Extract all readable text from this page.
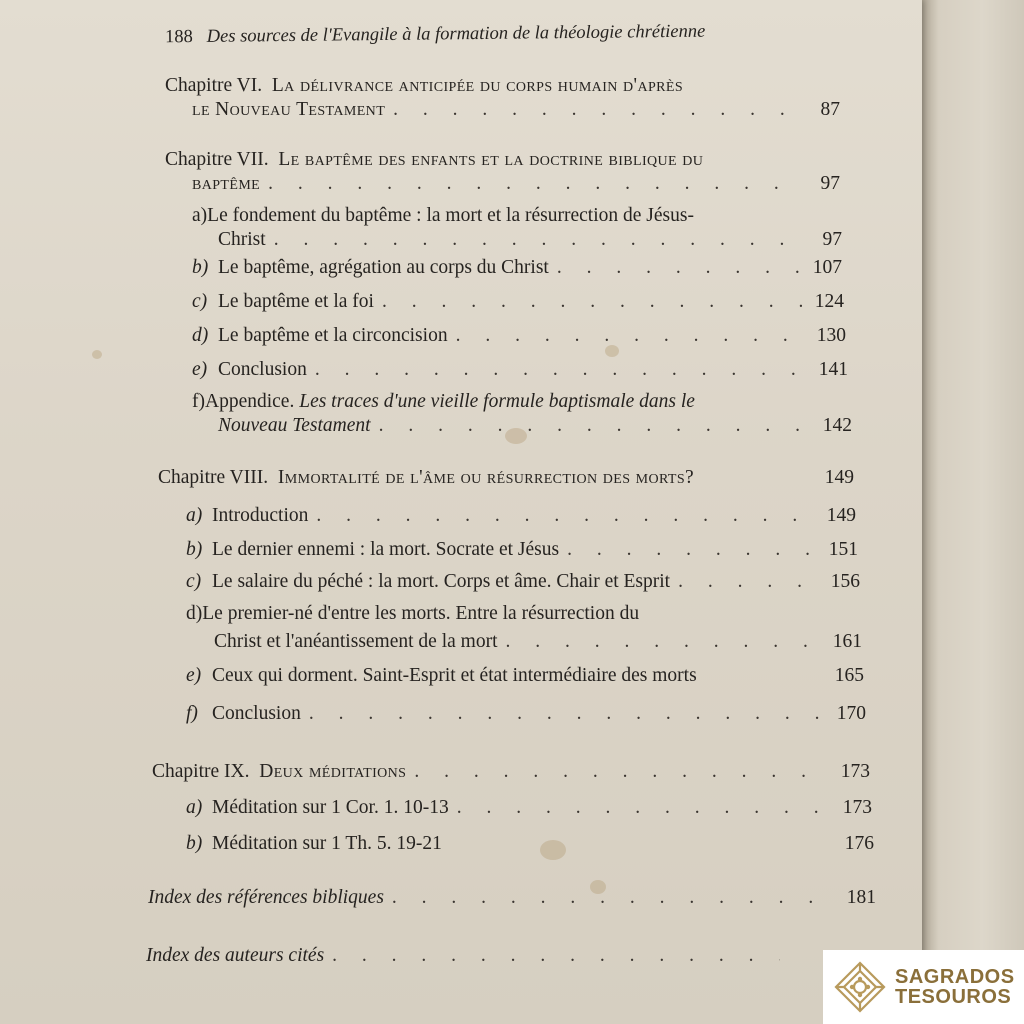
188 Des sources de l'Evangile à la formation de la théologie chrétienne
Chapitre VI. La délivrance anticipée du corps humain d'après
le Nouveau Testament . . .	87
Chapitre VII. Le baptême des enfants et la doctrine biblique du
baptême . . .	97
a)Le fondement du baptême : la mort et la résurrection de Jésus-
Christ . . .	97
b) Le baptême, agrégation au corps du Christ . . .	107
c) Le baptême et la foi . . .	124
d) Le baptême et la circoncision . . .	130
e) Conclusion . . .	141
f)Appendice. Les traces d'une vieille formule baptismale dans le
Nouveau Testament . . .	142
Chapitre VIII. Immortalité de l'âme ou résurrection des morts?	149
a) Introduction . . .	149
b) Le dernier ennemi : la mort. Socrate et Jésus . . .	151
c) Le salaire du péché : la mort. Corps et âme. Chair et Esprit . . .	156
d)Le premier-né d'entre les morts. Entre la résurrection du
Christ et l'anéantissement de la mort . . .	161
e) Ceux qui dorment. Saint-Esprit et état intermédiaire des morts	165
f) Conclusion . . .	170
Chapitre IX. Deux méditations . . .	173
a) Méditation sur 1 Cor. 1. 10-13 . . .	173
b) Méditation sur 1 Th. 5. 19-21	176
Index des références bibliques . . .	181
Index des auteurs cités
. . .
SAGRADOS
TESOUROS
